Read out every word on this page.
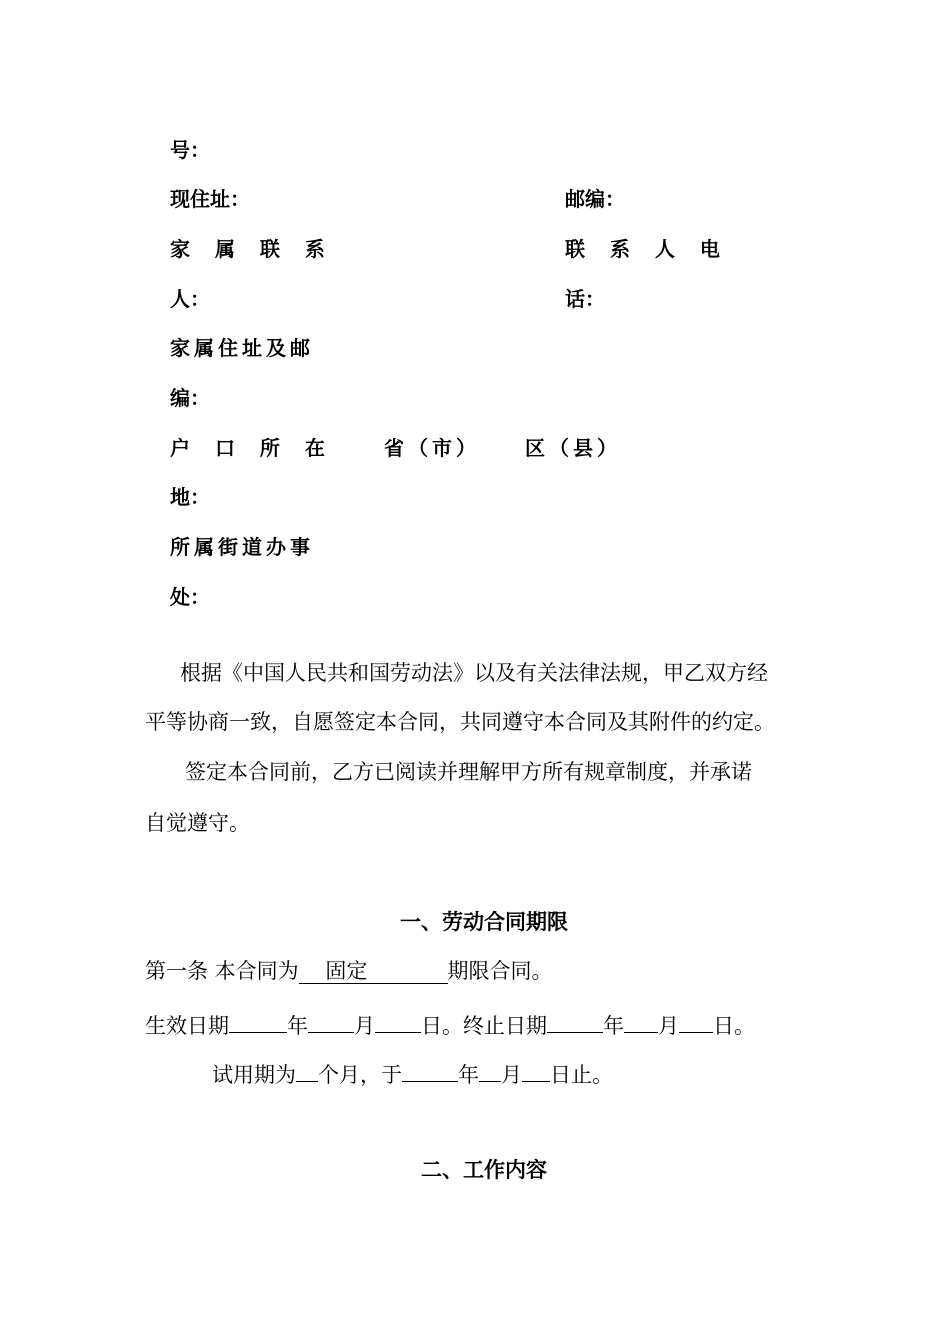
号：
现住址：	邮编：
家 属 联 系	联 系 人 电
人：	话：
家属住址及邮
编：
户 口 所 在	省（市） 区（县）
地：
所属街道办事
处：
根据《中国人民共和国劳动法》以及有关法律法规，甲乙双方经
平等协商一致，自愿签定本合同，共同遵守本合同及其附件的约定。
签定本合同前，乙方已阅读并理解甲方所有规章制度，并承诺
自觉遵守。
一、劳动合同期限
第一条 本合同为 固定	期限合同。
生效日期	年 月 日。终止日期	年 月 日。
试用期为 个月，于	年 月 日止。
二、工作内容
